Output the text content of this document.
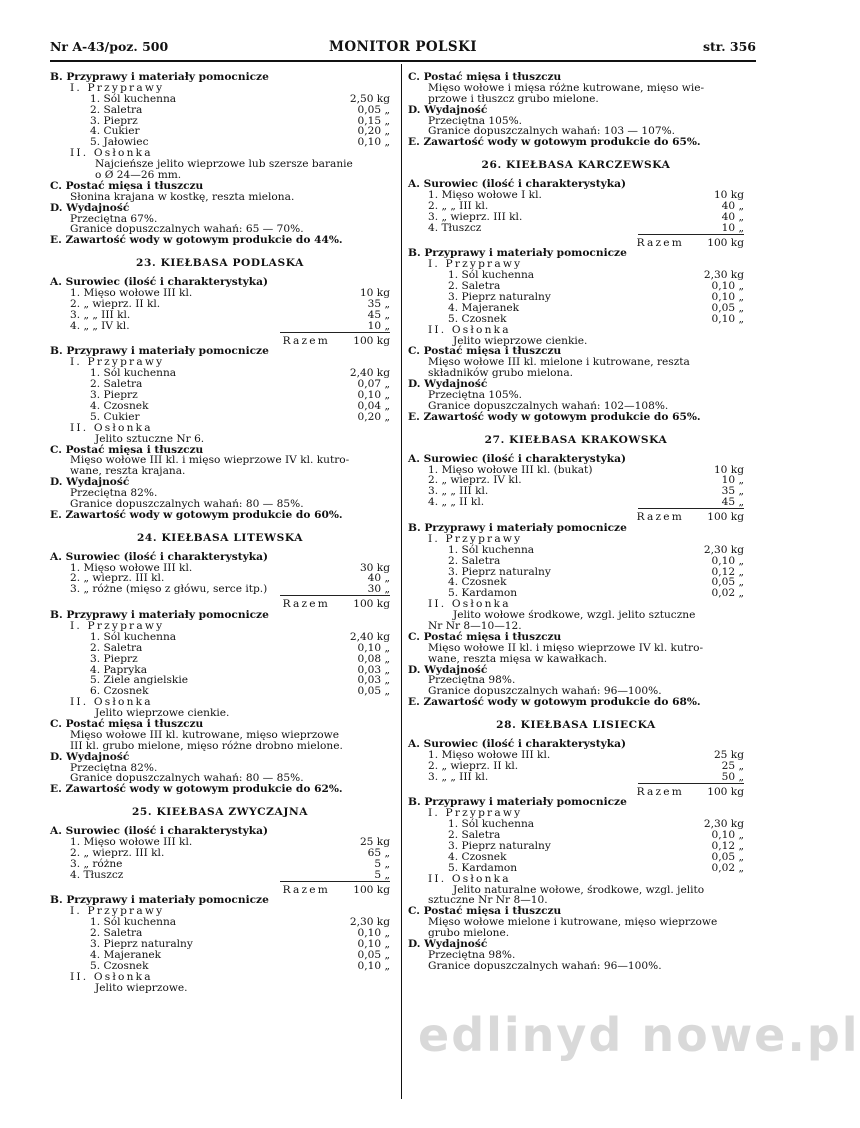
Nr A-43/poz. 500	MONITOR POLSKI	str. 356
B. Przyprawy i materiały pomocnicze
I. Przyprawy
1. Sól kuchenna	2,50 kg
2. Saletra	0,05 „
3. Pieprz	0,15 „
4. Cukier	0,20 „
5. Jałowiec	0,10 „
II. Osłonka
Najcieńsze jelito wieprzowe lub szersze baranie
o Ø 24—26 mm.
C. Postać mięsa i tłuszczu
Słonina krajana w kostkę, reszta mielona.
D. Wydajność
Przeciętna 67%.
Granice dopuszczalnych wahań: 65 — 70%.
E. Zawartość wody w gotowym produkcie do 44%.
23. KIEŁBASA PODLASKA
A. Surowiec (ilość i charakterystyka)
1. Mięso wołowe III kl.	10 kg
2. „ wieprz. II kl.	35 „
3. „ „ III kl.	45 „
4. „ „ IV kl.	10 „
Razem 100 kg
B. Przyprawy i materiały pomocnicze
I. Przyprawy
1. Sól kuchenna	2,40 kg
2. Saletra	0,07 „
3. Pieprz	0,10 „
4. Czosnek	0,04 „
5. Cukier	0,20 „
II. Osłonka
Jelito sztuczne Nr 6.
C. Postać mięsa i tłuszczu
Mięso wołowe III kl. i mięso wieprzowe IV kl. kutro-
wane, reszta krajana.
D. Wydajność
Przeciętna 82%.
Granice dopuszczalnych wahań: 80 — 85%.
E. Zawartość wody w gotowym produkcie do 60%.
24. KIEŁBASA LITEWSKA
A. Surowiec (ilość i charakterystyka)
1. Mięso wołowe III kl.	30 kg
2. „ wieprz. III kl.	40 „
3. „ różne (mięso z główu, serce itp.)	30 „
Razem 100 kg
B. Przyprawy i materiały pomocnicze
I. Przyprawy
1. Sól kuchenna	2,40 kg
2. Saletra	0,10 „
3. Pieprz	0,08 „
4. Papryka	0,03 „
5. Ziele angielskie	0,03 „
6. Czosnek	0,05 „
II. Osłonka
Jelito wieprzowe cienkie.
C. Postać mięsa i tłuszczu
Mięso wołowe III kl. kutrowane, mięso wieprzowe
III kl. grubo mielone, mięso różne drobno mielone.
D. Wydajność
Przeciętna 82%.
Granice dopuszczalnych wahań: 80 — 85%.
E. Zawartość wody w gotowym produkcie do 62%.
25. KIEŁBASA ZWYCZAJNA
A. Surowiec (ilość i charakterystyka)
1. Mięso wołowe III kl.	25 kg
2. „ wieprz. III kl.	65 „
3. „ różne	5 „
4. Tłuszcz	5 „
Razem 100 kg
B. Przyprawy i materiały pomocnicze
I. Przyprawy
1. Sól kuchenna	2,30 kg
2. Saletra	0,10 „
3. Pieprz naturalny	0,10 „
4. Majeranek	0,05 „
5. Czosnek	0,10 „
II. Osłonka
Jelito wieprzowe.
C. Postać mięsa i tłuszczu
Mięso wołowe i mięsa różne kutrowane, mięso wie-
przowe i tłuszcz grubo mielone.
D. Wydajność
Przeciętna 105%.
Granice dopuszczalnych wahań: 103 — 107%.
E. Zawartość wody w gotowym produkcie do 65%.
26. KIEŁBASA KARCZEWSKA
A. Surowiec (ilość i charakterystyka)
1. Mięso wołowe I kl.	10 kg
2. „ „ III kl.	40 „
3. „ wieprz. III kl.	40 „
4. Tłuszcz	10 „
Razem 100 kg
B. Przyprawy i materiały pomocnicze
I. Przyprawy
1. Sól kuchenna	2,30 kg
2. Saletra	0,10 „
3. Pieprz naturalny	0,10 „
4. Majeranek	0,05 „
5. Czosnek	0,10 „
II. Osłonka
Jelito wieprzowe cienkie.
C. Postać mięsa i tłuszczu
Mięso wołowe III kl. mielone i kutrowane, reszta
składników grubo mielona.
D. Wydajność
Przeciętna 105%.
Granice dopuszczalnych wahań: 102—108%.
E. Zawartość wody w gotowym produkcie do 65%.
27. KIEŁBASA KRAKOWSKA
A. Surowiec (ilość i charakterystyka)
1. Mięso wołowe III kl. (bukat)	10 kg
2. „ wieprz. IV kl.	10 „
3. „ „ III kl.	35 „
4. „ „ II kl.	45 „
Razem 100 kg
B. Przyprawy i materiały pomocnicze
I. Przyprawy
1. Sól kuchenna	2,30 kg
2. Saletra	0,10 „
3. Pieprz naturalny	0,12 „
4. Czosnek	0,05 „
5. Kardamon	0,02 „
II. Osłonka
Jelito wołowe środkowe, wzgl. jelito sztuczne
Nr Nr 8—10—12.
C. Postać mięsa i tłuszczu
Mięso wołowe II kl. i mięso wieprzowe IV kl. kutro-
wane, reszta mięsa w kawałkach.
D. Wydajność
Przeciętna 98%.
Granice dopuszczalnych wahań: 96—100%.
E. Zawartość wody w gotowym produkcie do 68%.
28. KIEŁBASA LISIECKA
A. Surowiec (ilość i charakterystyka)
1. Mięso wołowe III kl.	25 kg
2. „ wieprz. II kl.	25 „
3. „ „ III kl.	50 „
Razem 100 kg
B. Przyprawy i materiały pomocnicze
I. Przyprawy
1. Sól kuchenna	2,30 kg
2. Saletra	0,10 „
3. Pieprz naturalny	0,12 „
4. Czosnek	0,05 „
5. Kardamon	0,02 „
II. Osłonka
Jelito naturalne wołowe, środkowe, wzgl. jelito
sztuczne Nr Nr 8—10.
C. Postać mięsa i tłuszczu
Mięso wołowe mielone i kutrowane, mięso wieprzowe
grubo mielone.
D. Wydajność
Przeciętna 98%.
Granice dopuszczalnych wahań: 96—100%.
edlinyd nowe.pl
